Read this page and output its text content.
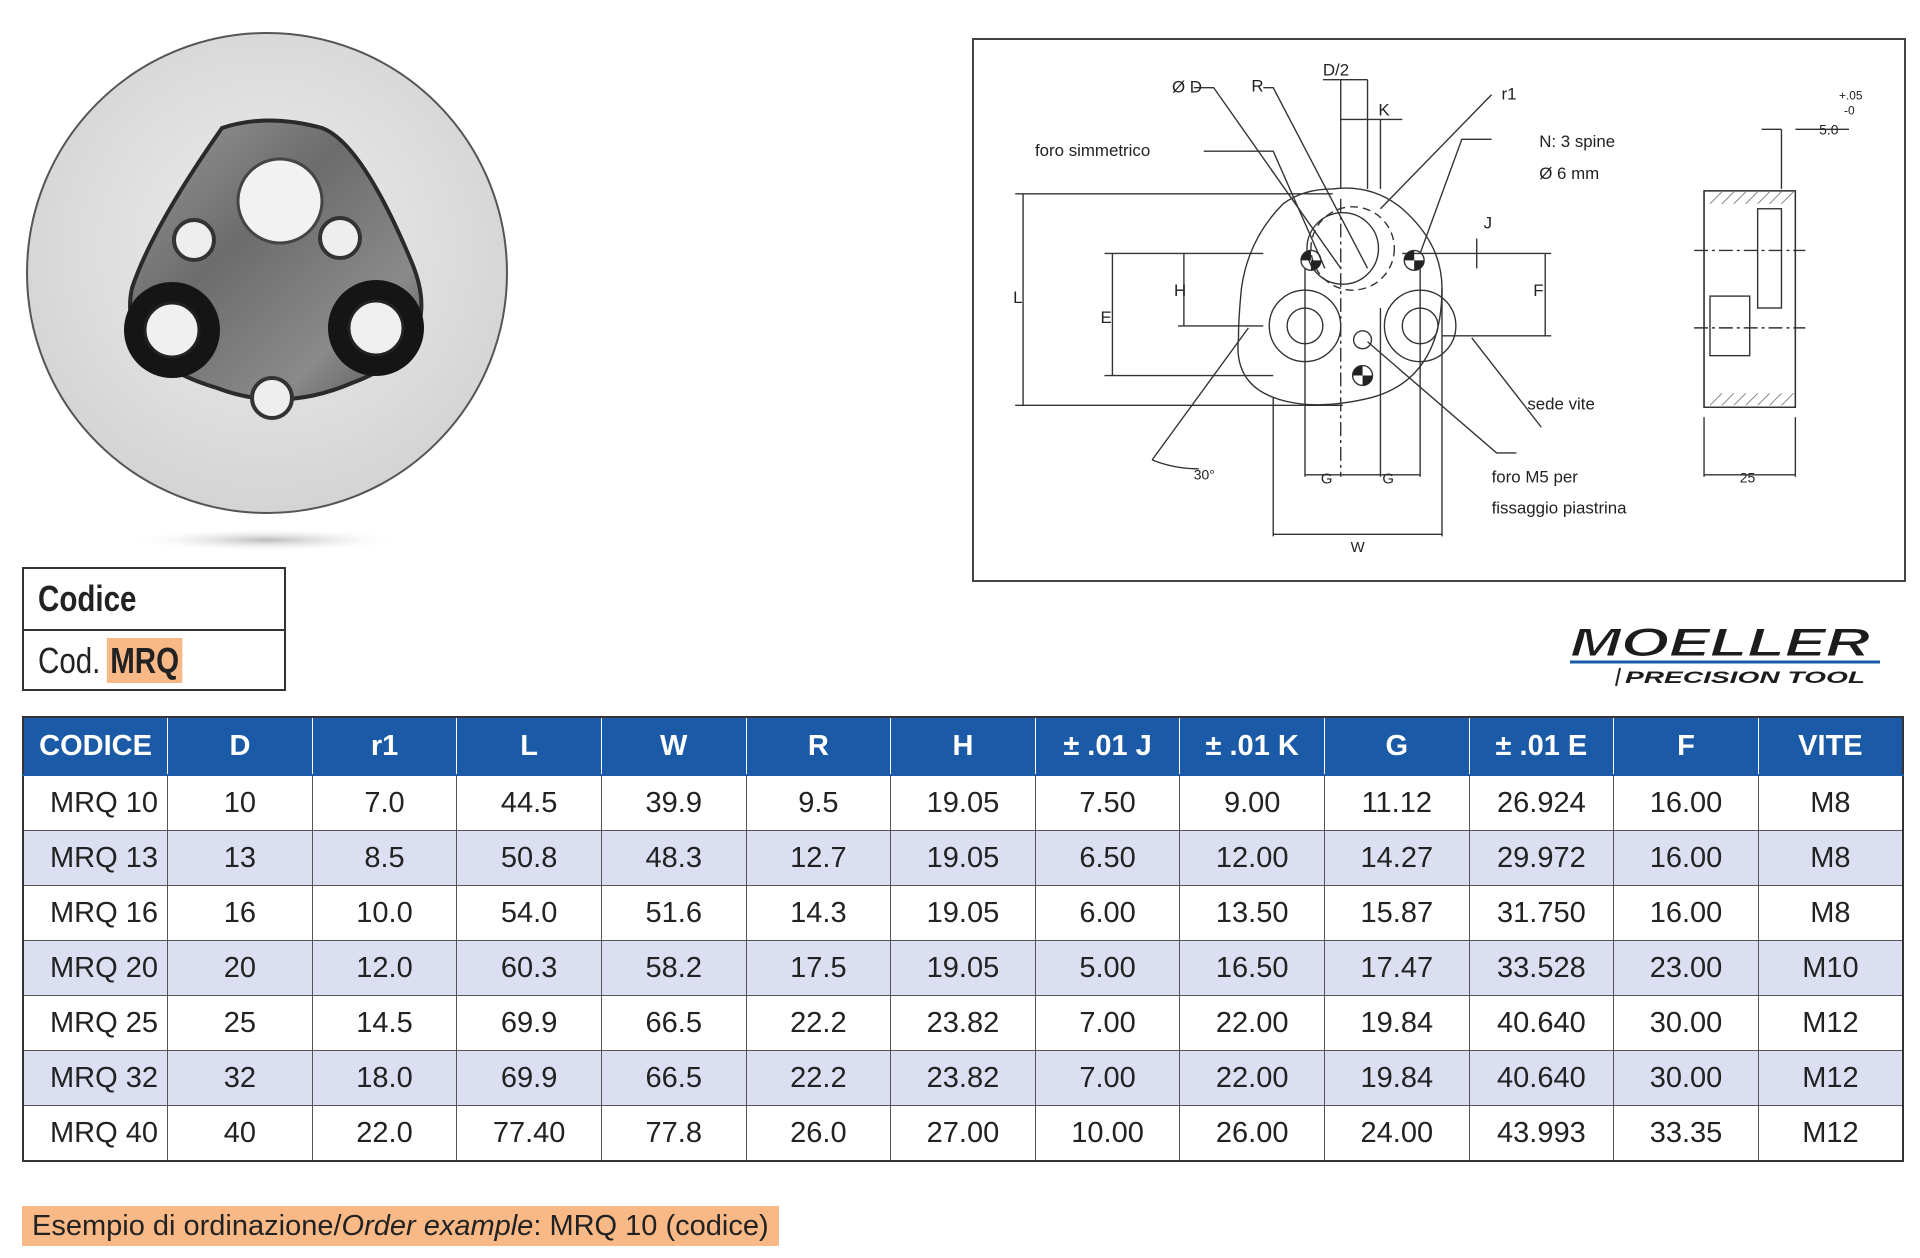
Codice
Cod. MRQ
Ø D	R
D/2
r1
K
N: 3 spine
Ø 6 mm
foro simmetrico
J
F
H
E
L
sede vite
30°	G	G	foro M5 per
fissaggio piastrina
W
+.05
-0
5.0
25
MOELLER
PRECISION TOOL
CODICE	D	r1	L	W	R	H	± .01 J	± .01 K	G	± .01 E	F	VITE
MRQ 10	10	7.0	44.5	39.9	9.5	19.05	7.50	9.00	11.12	26.924	16.00	M8
MRQ 13	13	8.5	50.8	48.3	12.7	19.05	6.50	12.00	14.27	29.972	16.00	M8
MRQ 16	16	10.0	54.0	51.6	14.3	19.05	6.00	13.50	15.87	31.750	16.00	M8
MRQ 20	20	12.0	60.3	58.2	17.5	19.05	5.00	16.50	17.47	33.528	23.00	M10
MRQ 25	25	14.5	69.9	66.5	22.2	23.82	7.00	22.00	19.84	40.640	30.00	M12
MRQ 32	32	18.0	69.9	66.5	22.2	23.82	7.00	22.00	19.84	40.640	30.00	M12
MRQ 40	40	22.0	77.40	77.8	26.0	27.00	10.00	26.00	24.00	43.993	33.35	M12
Esempio di ordinazione/ Order example : MRQ 10 (codice)
